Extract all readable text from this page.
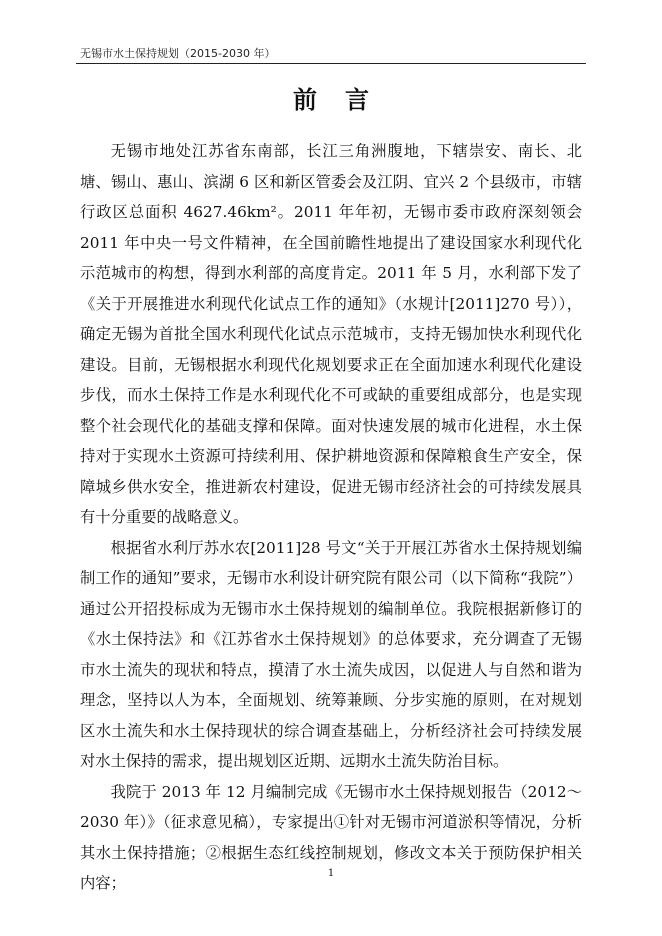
无锡市水土保持规划（2015-2030 年）
前言

无锡市地处江苏省东南部，长江三角洲腹地，下辖崇安、南长、北塘、锡山、惠山、滨湖 6 区和新区管委会及江阴、宜兴 2 个县级市，市辖行政区总面积 4627.46km²。2011 年年初，无锡市委市政府深刻领会 2011 年中央一号文件精神，在全国前瞻性地提出了建设国家水利现代化示范城市的构想，得到水利部的高度肯定。2011 年 5 月，水利部下发了《关于开展推进水利现代化试点工作的通知》（水规计[2011]270 号）），确定无锡为首批全国水利现代化试点示范城市，支持无锡加快水利现代化建设。目前，无锡根据水利现代化规划要求正在全面加速水利现代化建设步伐，而水土保持工作是水利现代化不可或缺的重要组成部分，也是实现整个社会现代化的基础支撑和保障。面对快速发展的城市化进程，水土保持对于实现水土资源可持续利用、保护耕地资源和保障粮食生产安全，保障城乡供水安全，推进新农村建设，促进无锡市经济社会的可持续发展具有十分重要的战略意义。

根据省水利厅苏水农[2011]28 号文“关于开展江苏省水土保持规划编制工作的通知”要求，无锡市水利设计研究院有限公司（以下简称“我院”）通过公开招投标成为无锡市水土保持规划的编制单位。我院根据新修订的《水土保持法》和《江苏省水土保持规划》的总体要求，充分调查了无锡市水土流失的现状和特点，摸清了水土流失成因，以促进人与自然和谐为理念，坚持以人为本，全面规划、统筹兼顾、分步实施的原则，在对规划区水土流失和水土保持现状的综合调查基础上，分析经济社会可持续发展对水土保持的需求，提出规划区近期、远期水土流失防治目标。

我院于 2013 年 12 月编制完成《无锡市水土保持规划报告（2012～2030 年）》（征求意见稿），专家提出①针对无锡市河道淤积等情况，分析其水土保持措施；②根据生态红线控制规划，修改文本关于预防保护相关内容；

1
